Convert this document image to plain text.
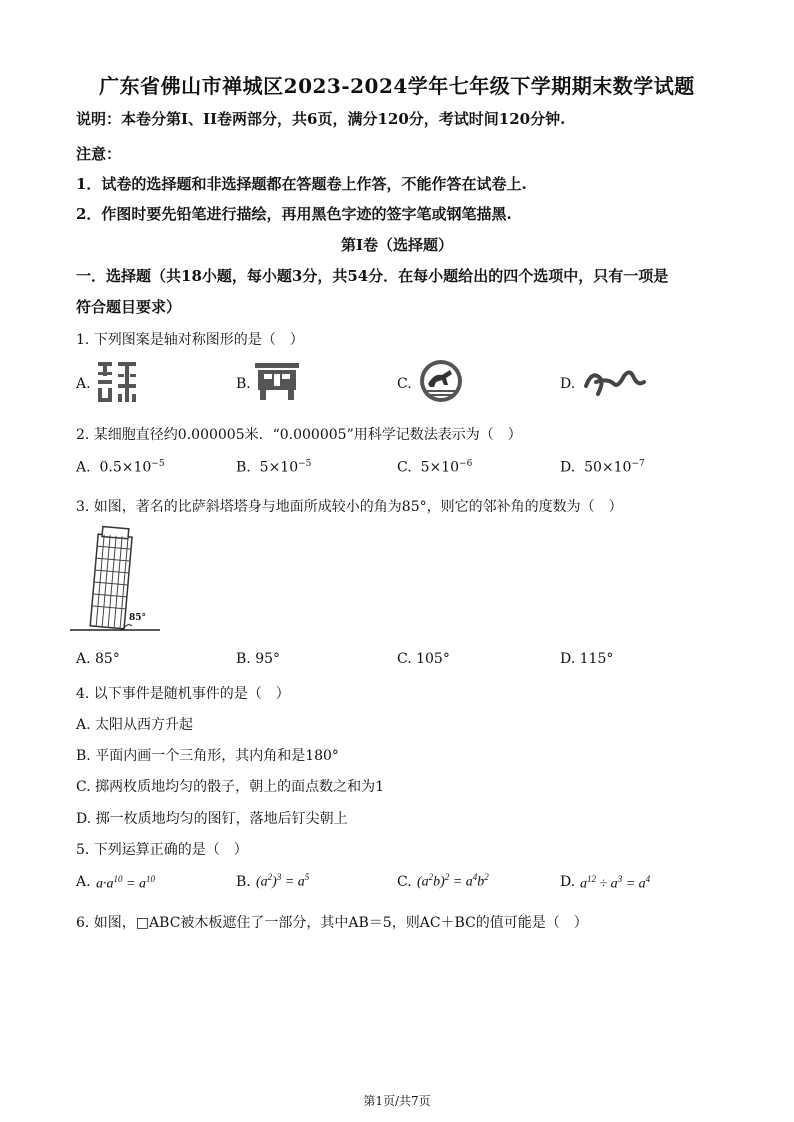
广东省佛山市禅城区2023-2024学年七年级下学期期末数学试题
说明：本卷分第I、II卷两部分，共6页，满分120分，考试时间120分钟.
注意：
1．试卷的选择题和非选择题都在答题卷上作答，不能作答在试卷上.
2．作图时要先铅笔进行描绘，再用黑色字迹的签字笔或钢笔描黑.
第I卷（选择题）
一．选择题（共18小题，每小题3分，共54分．在每小题给出的四个选项中，只有一项是
符合题目要求）
1. 下列图案是轴对称图形的是（　）
A.	B.	C.	D.
2. 某细胞直径约0.000005米．“0.000005”用科学记数法表示为（　）
A. $0.5\times 10^{-5}$	B. $5\times 10^{-5}$	C. $5\times 10^{-6}$	D. $50\times 10^{-7}$
3. 如图，著名的比萨斜塔塔身与地面所成较小的角为85°，则它的邻补角的度数为（　）
85°
A. 85°	B. 95°	C. 105°	D. 115°
4. 以下事件是随机事件的是（　）
A. 太阳从西方升起
B. 平面内画一个三角形，其内角和是180°
C. 掷两枚质地均匀的骰子，朝上的面点数之和为1
D. 掷一枚质地均匀的图钉，落地后钉尖朝上
5. 下列运算正确的是（　）
A. $a\cdot a^{10} = a^{10}$	B. $(a^2)^3 = a^5$	C. $(a^2b)^2 = a^4b^2$	D. $a^{12} \div a^3 = a^4$
6. 如图，□ABC被木板遮住了一部分，其中AB＝5，则AC＋BC的值可能是（　）
第1页/共7页
